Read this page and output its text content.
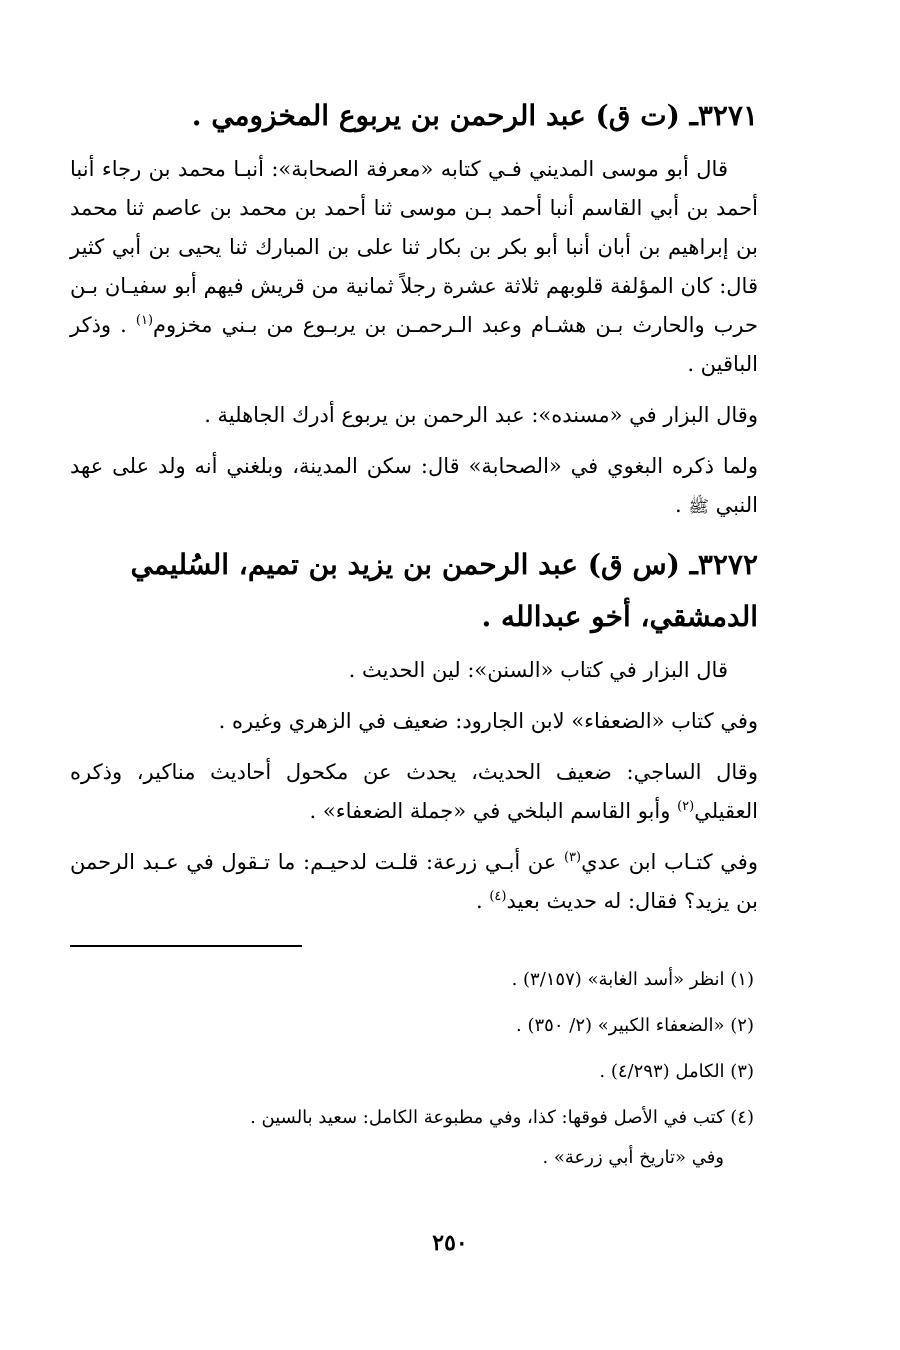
٣٢٧١ـ (ت ق) عبد الرحمن بن يربوع المخزومي .

قال أبو موسى المديني فـي كتابه «معرفة الصحابة»: أنبـا محمد بن رجاء أنبا أحمد بن أبي القاسم أنبا أحمد بـن موسى ثنا أحمد بن محمد بن عاصم ثنا محمد بن إبراهيم بن أبان أنبا أبو بكر بن بكار ثنا على بن المبارك ثنا يحيى بن أبي كثير قال: كان المؤلفة قلوبهم ثلاثة عشرة رجلاً ثمانية من قريش فيهم أبو سفيـان بـن حرب والحارث بـن هشـام وعبد الـرحمـن بن يربـوع من بـني مخزوم$^{(١)}$ . وذكر الباقين .

وقال البزار في «مسنده»: عبد الرحمن بن يربوع أدرك الجاهلية .

ولما ذكره البغوي في «الصحابة» قال: سكن المدينة، وبلغني أنه ولد على عهد النبي ﷺ .

٣٢٧٢ـ (س ق) عبد الرحمن بن يزيد بن تميم، السُليمي الدمشقي، أخو عبدالله .

قال البزار في كتاب «السنن»: لين الحديث .

وفي كتاب «الضعفاء» لابن الجارود: ضعيف في الزهري وغيره .

وقال الساجي: ضعيف الحديث، يحدث عن مكحول أحاديث مناكير، وذكره العقيلي$^{(٢)}$ وأبو القاسم البلخي في «جملة الضعفاء» .

وفي كتـاب ابن عدي$^{(٣)}$ عن أبـي زرعة: قلـت لدحيـم: ما تـقول في عـبد الرحمن بن يزيد؟ فقال: له حديث بعيد$^{(٤)}$ .

(١) انظر «أسد الغابة» (٣/١٥٧) .
(٢) «الضعفاء الكبير» (٢/ ٣٥٠) .
(٣) الكامل (٤/٢٩٣) .
(٤) كتب في الأصل فوقها: كذا، وفي مطبوعة الكامل: سعيد بالسين .
وفي «تاريخ أبي زرعة» .
٢٥٠
